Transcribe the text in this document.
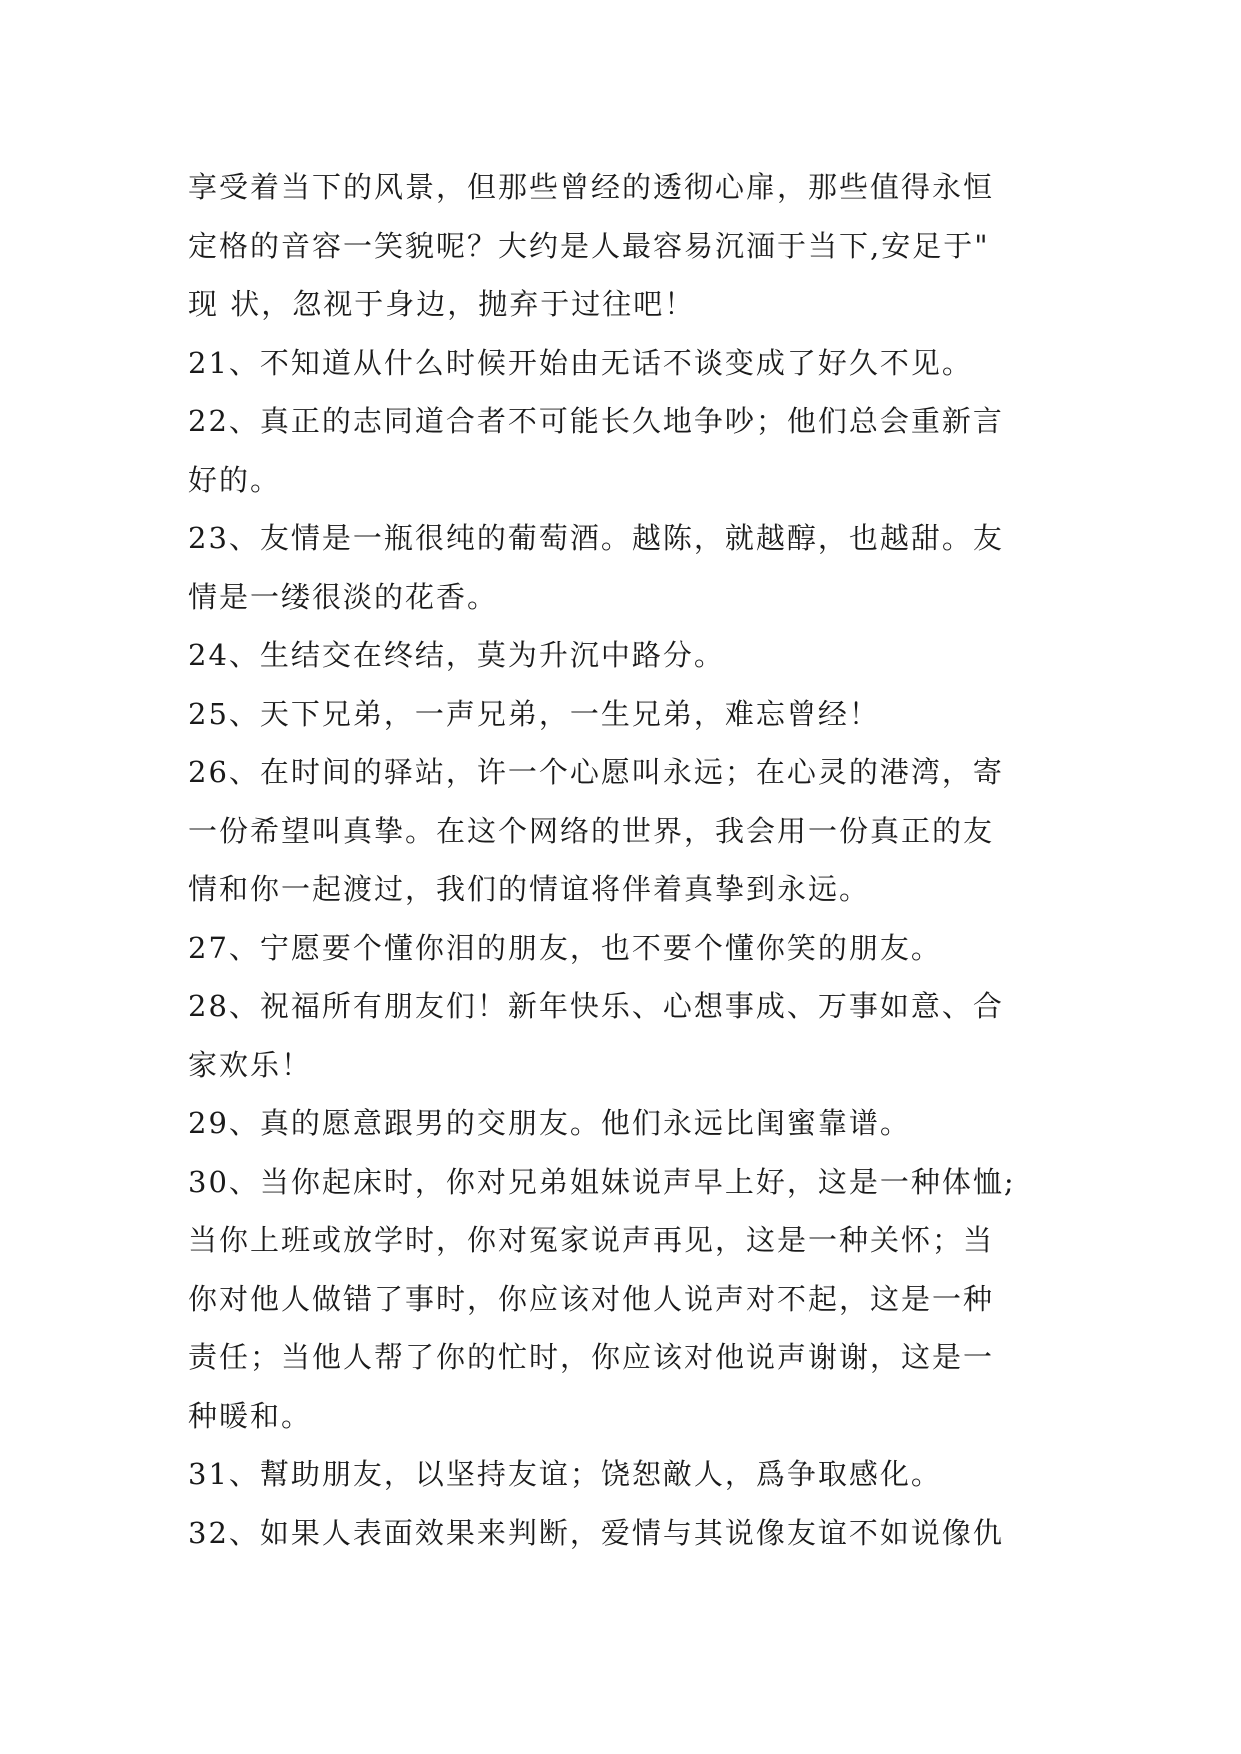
享受着当下的风景，但那些曾经的透彻心扉，那些值得永恒
定格的音容一笑貌呢？大约是人最容易沉湎于当下,安足于"
现 状，忽视于身边，抛弃于过往吧！
21、不知道从什么时候开始由无话不谈变成了好久不见。
22、真正的志同道合者不可能长久地争吵；他们总会重新言
好的。
23、友情是一瓶很纯的葡萄酒。越陈，就越醇，也越甜。友
情是一缕很淡的花香。
24、生结交在终结，莫为升沉中路分。
25、天下兄弟，一声兄弟，一生兄弟，难忘曾经！
26、在时间的驿站，许一个心愿叫永远；在心灵的港湾，寄
一份希望叫真挚。在这个网络的世界，我会用一份真正的友
情和你一起渡过，我们的情谊将伴着真挚到永远。
27、宁愿要个懂你泪的朋友，也不要个懂你笑的朋友。
28、祝福所有朋友们！新年快乐、心想事成、万事如意、合
家欢乐！
29、真的愿意跟男的交朋友。他们永远比闺蜜靠谱。
30、当你起床时，你对兄弟姐妹说声早上好，这是一种体恤;
当你上班或放学时，你对冤家说声再见，这是一种关怀；当
你对他人做错了事时，你应该对他人说声对不起，这是一种
责任；当他人帮了你的忙时，你应该对他说声谢谢，这是一
种暖和。
31、幫助朋友，以坚持友谊；饶恕敵人，爲争取感化。
32、如果人表面效果来判断，爱情与其说像友谊不如说像仇
